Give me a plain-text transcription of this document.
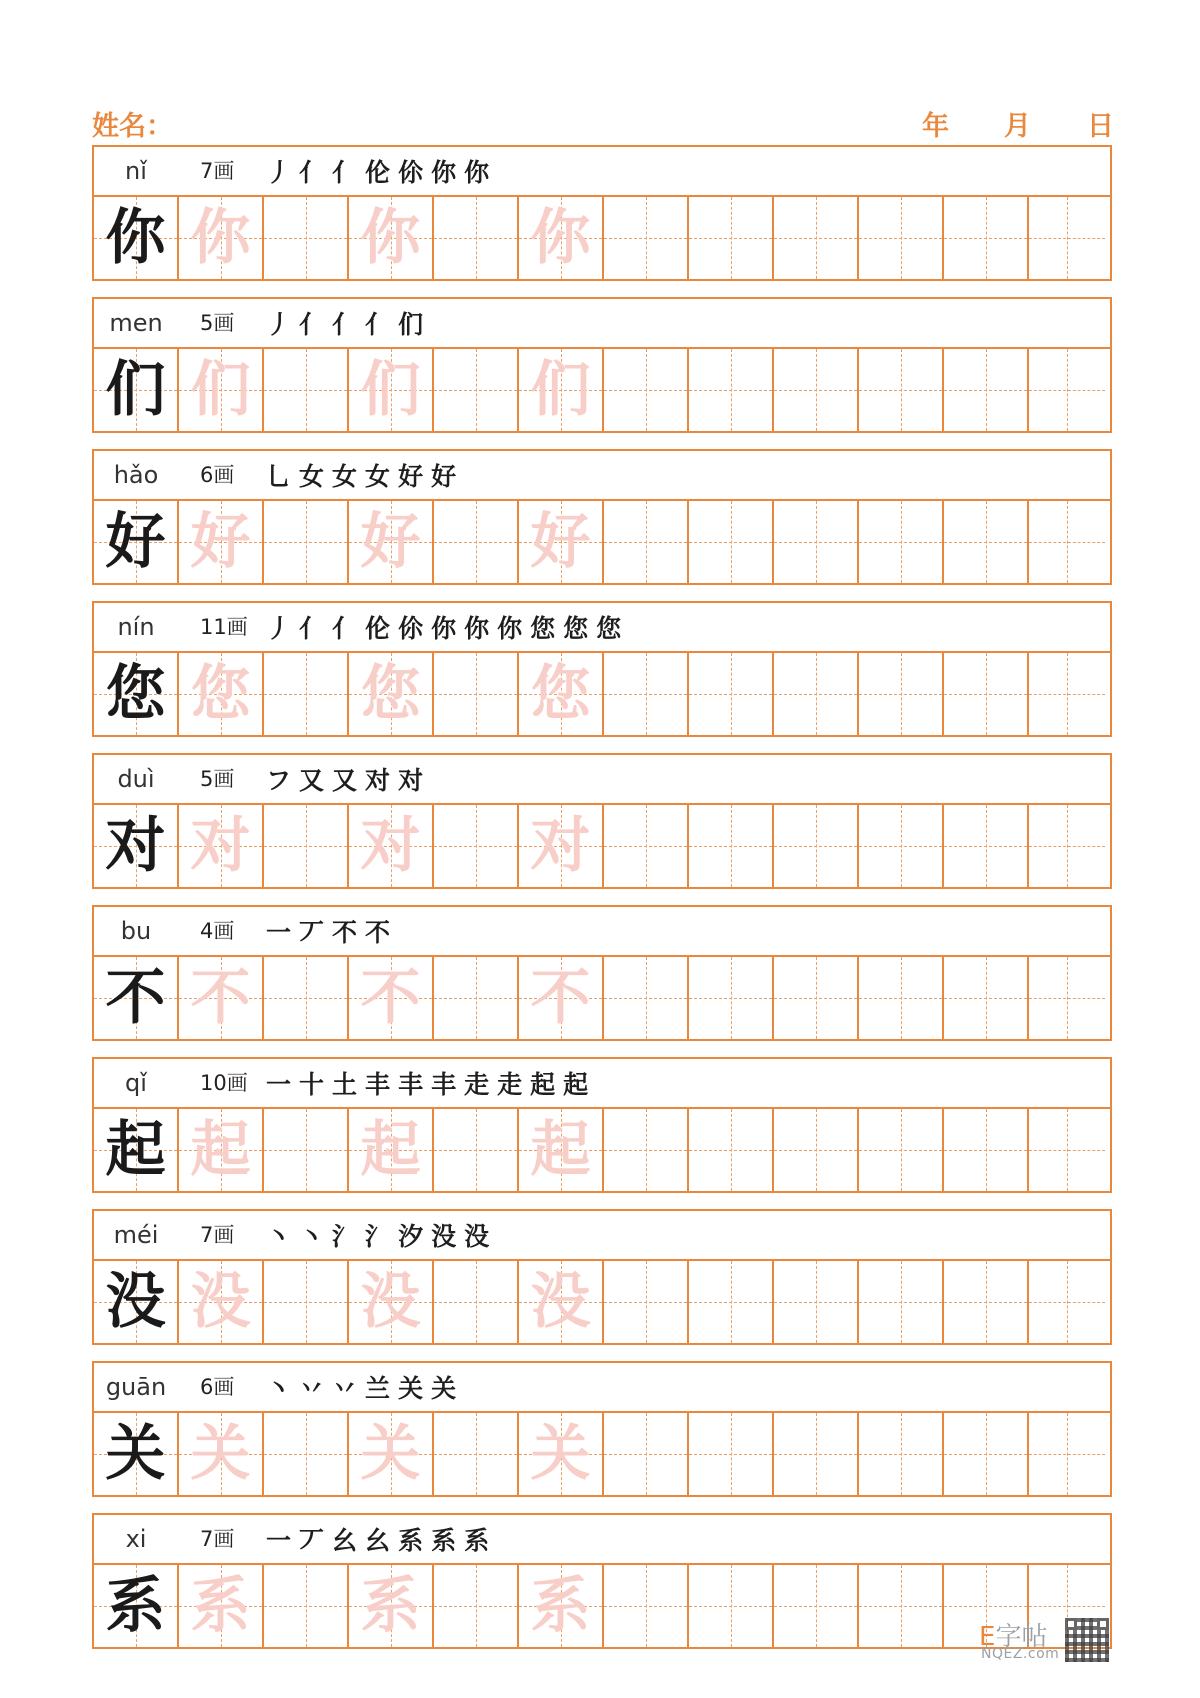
姓名：	年 月 日
nǐ	7画 丿 亻 亻 伦 伱 你 你
你 你 你 你
men	5画 丿 亻 亻 亻 们
们 们 们 们
hǎo	6画 乚 女 女 女 好 好
好 好 好 好
nín	11画 丿 亻 亻 伦 伱 你 你 你 您 您 您
您 您 您 您
duì	5画 フ 又 又 对 对
对 对 对 对
bu	4画 一 丆 不 不
不 不 不 不
qǐ	10画 一 十 土 丰 丰 丰 走 走 起 起
起 起 起 起
méi	7画 丶 丶 氵 氵 汐 没 没
没 没 没 没
guān	6画 丶 丷 丷 兰 关 关
关 关 关 关
xi	7画 一 丆 幺 幺 系 系 系
系 系 系 系	E字帖
NQEZ.com
